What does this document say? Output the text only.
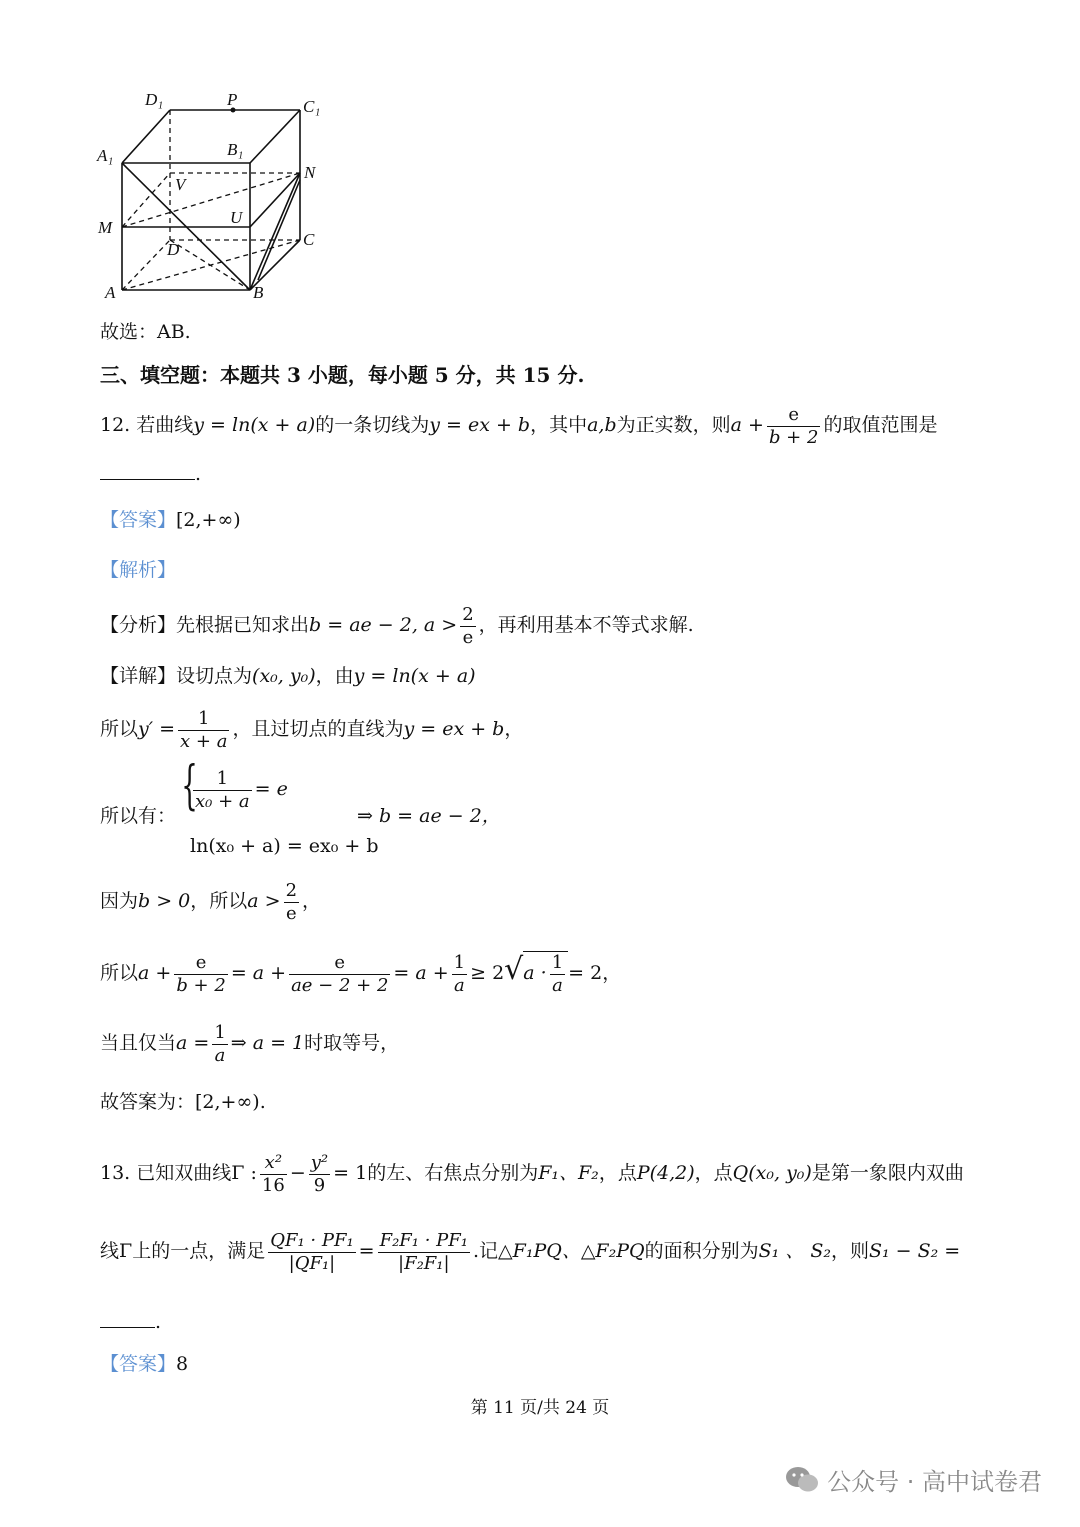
D₁	P	C₁
A₁	B₁
N
V
M
U
D
C
A	B
故选：AB.
三、填空题：本题共 3 小题，每小题 5 分，共 15 分.
12. 若曲线y = ln(x + a)的一条切线为y = ex + b，其中a,b为正实数，则$a + \frac{e}{b + 2}$ 的取值范围是
.
【答案】[2,+∞)
【解析】
【分析】先根据已知求出b = ae − 2, $a > \frac{2}{e}$ ，再利用基本不等式求解.
【详解】设切点为(x₀, y₀)，由y = ln(x + a)
所以$y' = \frac{1}{x + a}$ ，且过切点的直线为y = ex + b，
所以有： {
$\frac{1}{\text{x₀ + a}} = e$
ln(x₀ + a) = ex₀ + b
⇒ b = ae − 2，
因为b > 0，所以$a > \frac{2}{e}$ ，
所以$a + \frac{e}{b + 2} = a + \frac{e}{ae - 2 + 2} = a + \frac{1}{a} \ge 2√a \cdot \frac{1}{a} = 2$，
当且仅当$a = \frac{1}{a}$ ⇒ a = 1时取等号，
故答案为：[2,+∞).
13. 已知双曲线Γ : $\frac{\text{x²}}{16} - \frac{\text{y²}}{9} = 1$的左、右焦点分别为F₁、F₂，点P(4,2)，点Q(x₀, y₀)是第一象限内双曲
线Γ上的一点，满足 $\frac{\text{QF₁ · PF₁}}{\text{|QF₁|}} = \frac{\text{F₂F₁ · PF₁}}{\text{|F₂F₁|}}$ .记△F₁PQ、△F₂PQ的面积分别为S₁ 、 S₂，则S₁ − S₂ =
.
【答案】8
第 11 页/共 24 页
公众号 · 高中试卷君
